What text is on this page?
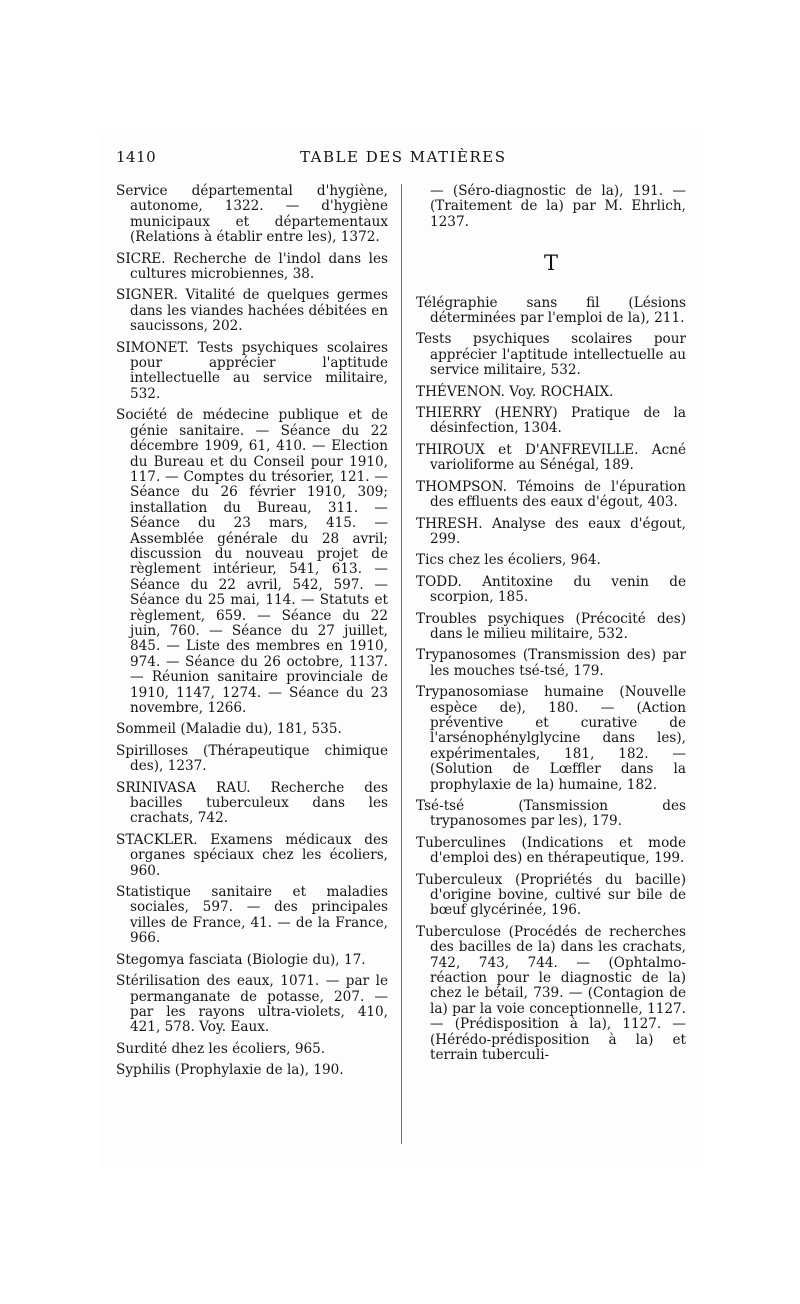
1410	TABLE DES MATIÈRES

Service départemental d'hygiène, autonome, 1322. — d'hygiène municipaux et départementaux (Relations à établir entre les), 1372.

SICRE. Recherche de l'indol dans les cultures microbiennes, 38.

SIGNER. Vitalité de quelques germes dans les viandes hachées débitées en saucissons, 202.

SIMONET. Tests psychiques scolaires pour apprécier l'aptitude intellectuelle au service militaire, 532.

Société de médecine publique et de génie sanitaire. — Séance du 22 décembre 1909, 61, 410. — Election du Bureau et du Conseil pour 1910, 117. — Comptes du trésorier, 121. — Séance du 26 février 1910, 309; installation du Bureau, 311. — Séance du 23 mars, 415. — Assemblée générale du 28 avril; discussion du nouveau projet de règlement intérieur, 541, 613. — Séance du 22 avril, 542, 597. — Séance du 25 mai, 114. — Statuts et règlement, 659. — Séance du 22 juin, 760. — Séance du 27 juillet, 845. — Liste des membres en 1910, 974. — Séance du 26 octobre, 1137. — Réunion sanitaire provinciale de 1910, 1147, 1274. — Séance du 23 novembre, 1266.

Sommeil (Maladie du), 181, 535.

Spirilloses (Thérapeutique chimique des), 1237.

SRINIVASA RAU. Recherche des bacilles tuberculeux dans les crachats, 742.

STACKLER. Examens médicaux des organes spéciaux chez les écoliers, 960.

Statistique sanitaire et maladies sociales, 597. — des principales villes de France, 41. — de la France, 966.

Stegomya fasciata (Biologie du), 17.

Stérilisation des eaux, 1071. — par le permanganate de potasse, 207. — par les rayons ultra-violets, 410, 421, 578. Voy. Eaux.

Surdité dhez les écoliers, 965.

Syphilis (Prophylaxie de la), 190.

— (Séro-diagnostic de la), 191. — (Traitement de la) par M. Ehrlich, 1237.

T

Télégraphie sans fil (Lésions déterminées par l'emploi de la), 211.

Tests psychiques scolaires pour apprécier l'aptitude intellectuelle au service militaire, 532.

THÉVENON. Voy. ROCHAIX.

THIERRY (HENRY) Pratique de la désinfection, 1304.

THIROUX et D'ANFREVILLE. Acné varioliforme au Sénégal, 189.

THOMPSON. Témoins de l'épuration des effluents des eaux d'égout, 403.

THRESH. Analyse des eaux d'égout, 299.

Tics chez les écoliers, 964.

TODD. Antitoxine du venin de scorpion, 185.

Troubles psychiques (Précocité des) dans le milieu militaire, 532.

Trypanosomes (Transmission des) par les mouches tsé-tsé, 179.

Trypanosomiase humaine (Nouvelle espèce de), 180. — (Action préventive et curative de l'arsénophénylglycine dans les), expérimentales, 181, 182. — (Solution de Lœffler dans la prophylaxie de la) humaine, 182.

Tsé-tsé (Tansmission des trypanosomes par les), 179.

Tuberculines (Indications et mode d'emploi des) en thérapeutique, 199.

Tuberculeux (Propriétés du bacille) d'origine bovine, cultivé sur bile de bœuf glycérinée, 196.

Tuberculose (Procédés de recherches des bacilles de la) dans les crachats, 742, 743, 744. — (Ophtalmo-réaction pour le diagnostic de la) chez le bétail, 739. — (Contagion de la) par la voie conceptionnelle, 1127. — (Prédisposition à la), 1127. — (Hérédo-prédisposition à la) et terrain tuberculi-
